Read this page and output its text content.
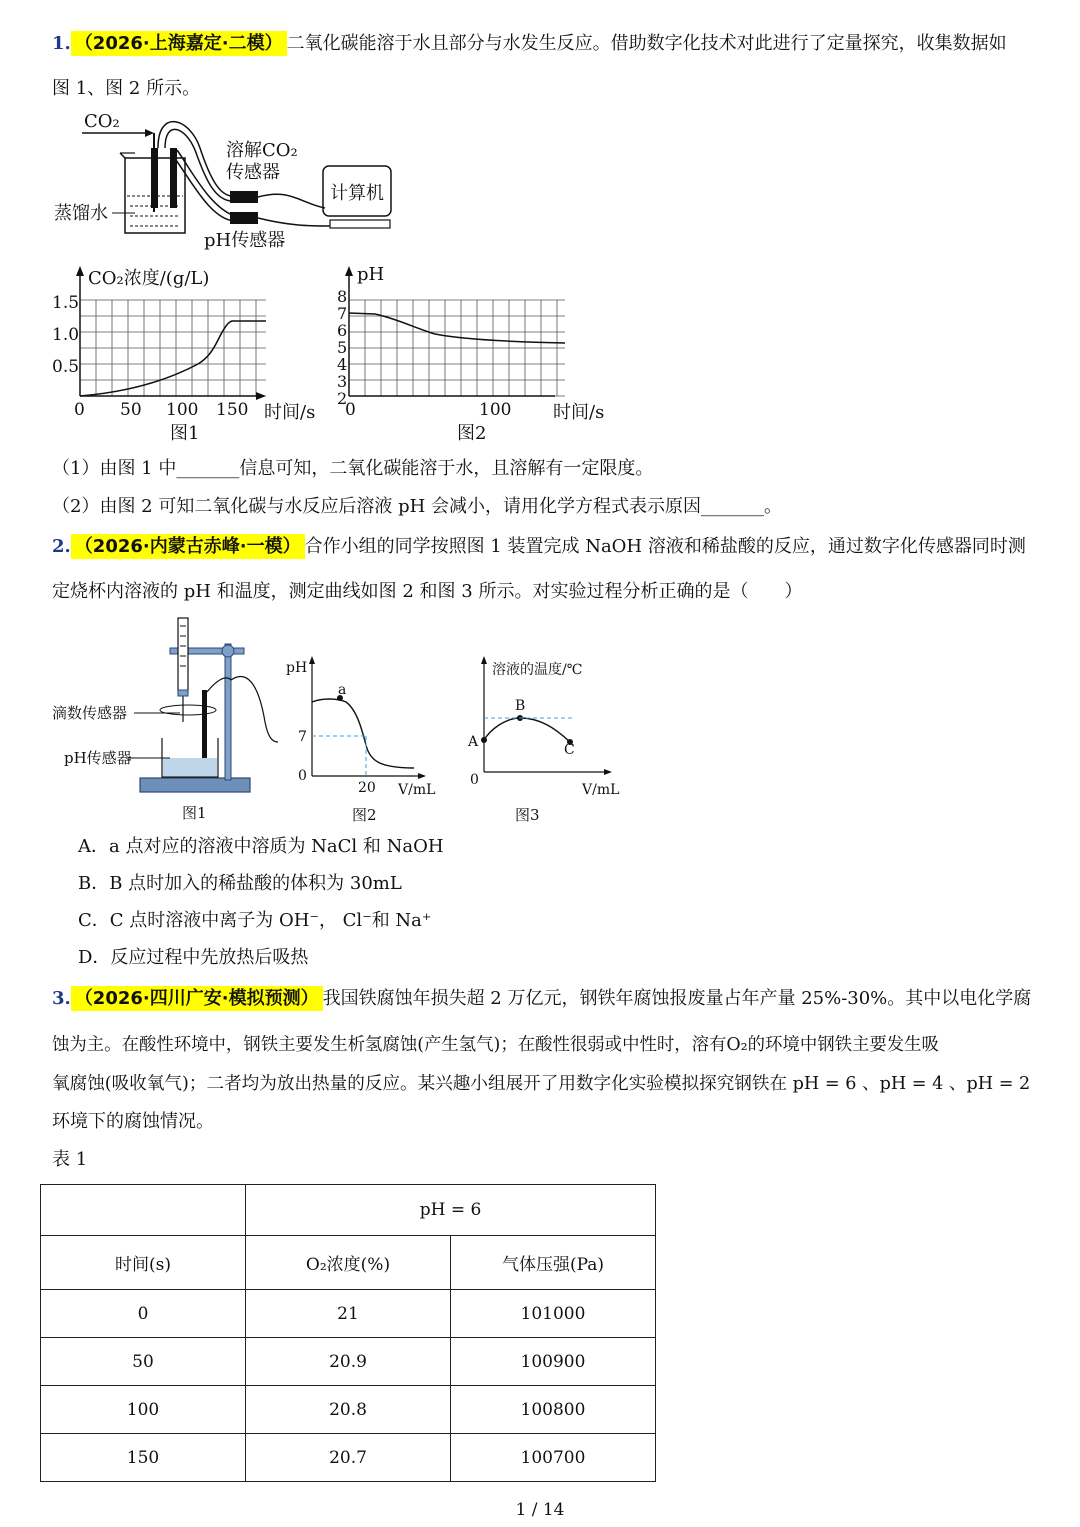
1. （2026·上海嘉定·二模） 二氧化碳能溶于水且部分与水发生反应。借助数字化技术对此进行了定量探究，收集数据如
图 1、图 2 所示。
CO₂
计算机
溶解CO₂
传感器
蒸馏水
pH传感器
CO₂浓度/(g/L)
1.5
1.0
0.5
0 50 100 150 时间/s
图1
pH
8
7
6
5
4
3
2
0	100 时间/s
图2
（1）由图 1 中_______信息可知，二氧化碳能溶于水，且溶解有一定限度。
（2）由图 2 可知二氧化碳与水反应后溶液 pH 会减小，请用化学方程式表示原因_______。
2. （2026·内蒙古赤峰·一模） 合作小组的同学按照图 1 装置完成 NaOH 溶液和稀盐酸的反应，通过数字化传感器同时测
定烧杯内溶液的 pH 和温度，测定曲线如图 2 和图 3 所示。对实验过程分析正确的是（　　）
滴数传感器
pH传感器
图1
pH
a
7
0
20 V/mL
图2
溶液的温度/℃
A
B
C
0
V/mL
图3
A．a 点对应的溶液中溶质为 NaCl 和 NaOH
B．B 点时加入的稀盐酸的体积为 30mL
C．C 点时溶液中离子为 OH⁻， Cl⁻和 Na⁺
D．反应过程中先放热后吸热
3. （2026·四川广安·模拟预测） 我国铁腐蚀年损失超 2 万亿元，钢铁年腐蚀报废量占年产量 25%-30%。其中以电化学腐
蚀为主。在酸性环境中，钢铁主要发生析氢腐蚀(产生氢气)；在酸性很弱或中性时，溶有O₂的环境中钢铁主要发生吸
氧腐蚀(吸收氧气)；二者均为放出热量的反应。某兴趣小组展开了用数字化实验模拟探究钢铁在 pH = 6 、pH = 4 、pH = 2
环境下的腐蚀情况。
表 1
	pH = 6	
时间(s)	O₂浓度(%)	气体压强(Pa)
0	21	101000
50	20.9	100900
100	20.8	100800
150	20.7	100700
1 / 14
